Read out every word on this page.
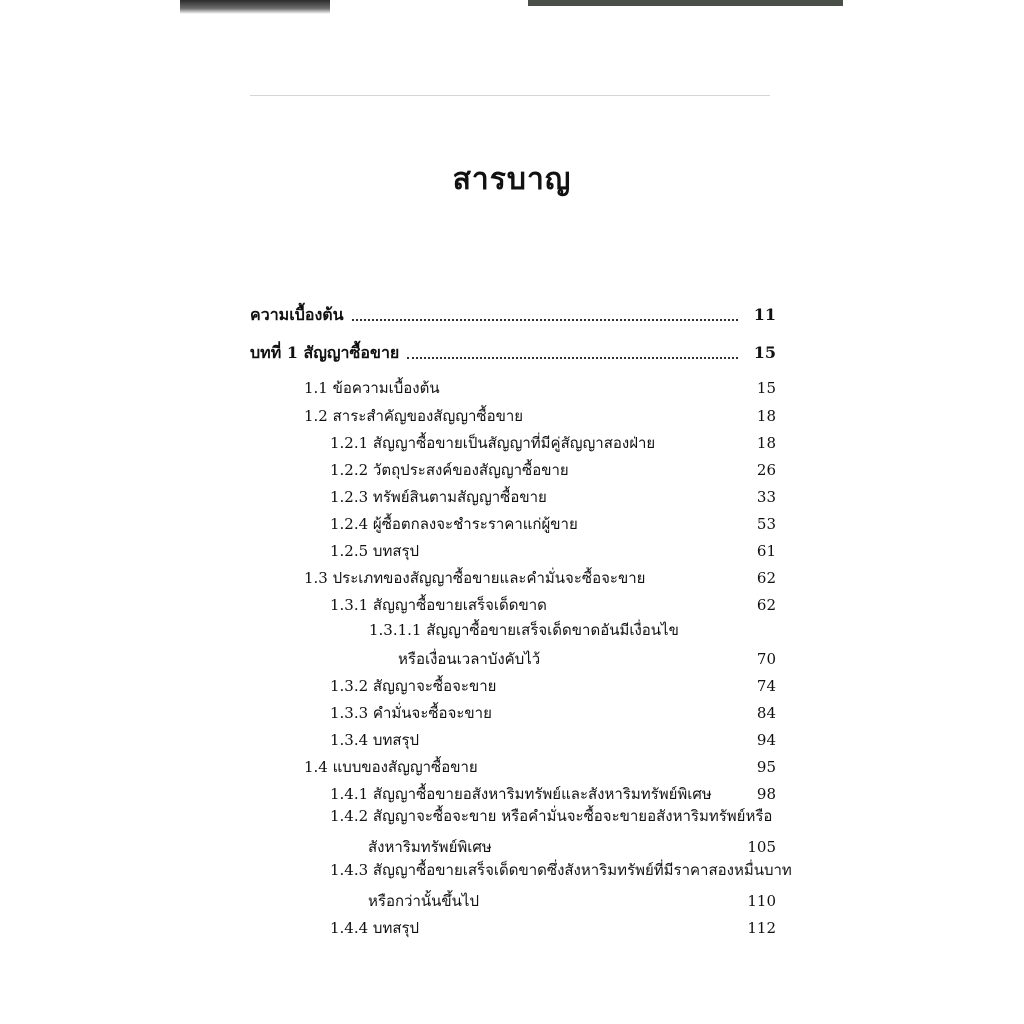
สารบาญ
ความเบื้องต้น	11
บทที่ 1 สัญญาซื้อขาย	15
1.1 ข้อความเบื้องต้น	15
1.2 สาระสำคัญของสัญญาซื้อขาย	18
1.2.1 สัญญาซื้อขายเป็นสัญญาที่มีคู่สัญญาสองฝ่าย	18
1.2.2 วัตถุประสงค์ของสัญญาซื้อขาย	26
1.2.3 ทรัพย์สินตามสัญญาซื้อขาย	33
1.2.4 ผู้ซื้อตกลงจะชำระราคาแก่ผู้ขาย	53
1.2.5 บทสรุป	61
1.3 ประเภทของสัญญาซื้อขายและคำมั่นจะซื้อจะขาย	62
1.3.1 สัญญาซื้อขายเสร็จเด็ดขาด	62
1.3.1.1 สัญญาซื้อขายเสร็จเด็ดขาดอันมีเงื่อนไข
หรือเงื่อนเวลาบังคับไว้	70
1.3.2 สัญญาจะซื้อจะขาย	74
1.3.3 คำมั่นจะซื้อจะขาย	84
1.3.4 บทสรุป	94
1.4 แบบของสัญญาซื้อขาย	95
1.4.1 สัญญาซื้อขายอสังหาริมทรัพย์และสังหาริมทรัพย์พิเศษ	98
1.4.2 สัญญาจะซื้อจะขาย หรือคำมั่นจะซื้อจะขายอสังหาริมทรัพย์หรือ
สังหาริมทรัพย์พิเศษ	105
1.4.3 สัญญาซื้อขายเสร็จเด็ดขาดซึ่งสังหาริมทรัพย์ที่มีราคาสองหมื่นบาท
หรือกว่านั้นขึ้นไป	110
1.4.4 บทสรุป	112
